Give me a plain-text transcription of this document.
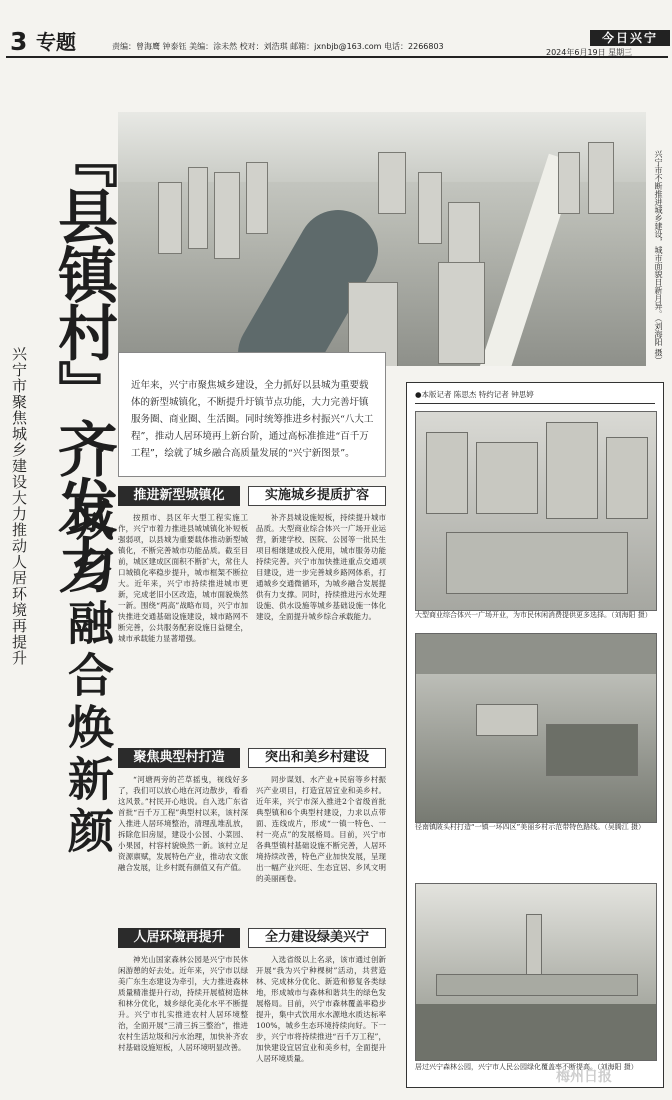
3 专题	责编：曾海鹰 钟泰钰 美编：涂未然 校对：刘浩琪 邮箱：jxnbjb@163.com 电话：2266803
今日兴宁
2024年6月19日 星期三
兴宁市聚焦城乡建设大力推动人居环境再提升 『县镇村』齐发力
城乡融合焕新颜
兴宁市不断推进城乡建设，城市面貌日新月异。（刘海阳 摄）
近年来，兴宁市聚焦城乡建设，全力抓好以县城为重要载体的新型城镇化，不断提升圩镇节点功能，大力完善圩镇服务圈、商业圈、生活圈。同时统筹推进乡村振兴“八大工程”，推动人居环境再上新台阶，通过高标准推进“百千万工程”，绘就了城乡融合高质量发展的“兴宁新图景”。
推进新型城镇化	实施城乡提质扩容

按照市、县区年大型工程实施工作，兴宁市着力推进县城城镇化补短板强弱项，以县城为重要载体推动新型城镇化，不断完善城市功能品质。截至目前，城区建成区面积不断扩大，常住人口城镇化率稳步提升，城市框架不断拉大。近年来，兴宁市持续推进城市更新，完成老旧小区改造，城市面貌焕然一新。围绕“两高”战略布局，兴宁市加快推进交通基础设施建设，城市路网不断完善，公共服务配套设施日益健全，城市承载能力显著增强。

补齐县城设施短板，持续提升城市品质。大型商业综合体兴一广场开业运营，新建学校、医院、公园等一批民生项目相继建成投入使用，城市服务功能持续完善。兴宁市加快推进重点交通项目建设，进一步完善城乡路网体系，打通城乡交通微循环，为城乡融合发展提供有力支撑。同时，持续推进污水处理设施、供水设施等城乡基础设施一体化建设，全面提升城乡综合承载能力。

聚焦典型村打造	突出和美乡村建设

“河塘两旁的芒草摇曳，视线好多了，我们可以放心地在河边散步，看看这风景。”村民开心地说。自入选广东省首批“百千万工程”典型村以来，该村深入推进人居环境整治，清理乱堆乱放，拆除危旧房屋，建设小公园、小菜园、小果园，村容村貌焕然一新。该村立足资源禀赋，发展特色产业，推动农文旅融合发展，让乡村既有颜值又有产值。

同步谋划、水产业+民宿等乡村振兴产业项目，打造宜居宜业和美乡村。近年来，兴宁市深入推进2个省级首批典型镇和6个典型村建设，力求以点带面、连线成片，形成“一镇一特色、一村一亮点”的发展格局。目前，兴宁市各典型镇村基础设施不断完善，人居环境持续改善，特色产业加快发展，呈现出一幅产业兴旺、生态宜居、乡风文明的美丽画卷。

人居环境再提升	全力建设绿美兴宁

神光山国家森林公园是兴宁市民休闲游憩的好去处。近年来，兴宁市以绿美广东生态建设为牵引，大力推进森林质量精准提升行动，持续开展植树造林和林分优化，城乡绿化美化水平不断提升。兴宁市扎实推进农村人居环境整治，全面开展“三清三拆三整治”，推进农村生活垃圾和污水治理，加快补齐农村基础设施短板，人居环境明显改善。

入选省级以上名录，该市通过创新开展“我为兴宁种棵树”活动，共营造林、完成林分优化、新造和修复各类绿地，形成城市与森林和谐共生的绿色发展格局。目前，兴宁市森林覆盖率稳步提升，集中式饮用水水源地水质达标率100%，城乡生态环境持续向好。下一步，兴宁市将持续推进“百千万工程”，加快建设宜居宜业和美乡村，全面提升人居环境质量。

●本版记者 陈思杰 特约记者 钟思婷
大型商业综合体兴一广场开业，为市民休闲消费提供更多选择。（刘海阳 摄）
径南镇陂头村打造“一镇一环四区”美丽乡村示范带特色路线。（吴腾江 摄）
居过兴宁森林公园，兴宁市人民公园绿化覆盖率不断提高。（刘海阳 摄）
梅州日报
